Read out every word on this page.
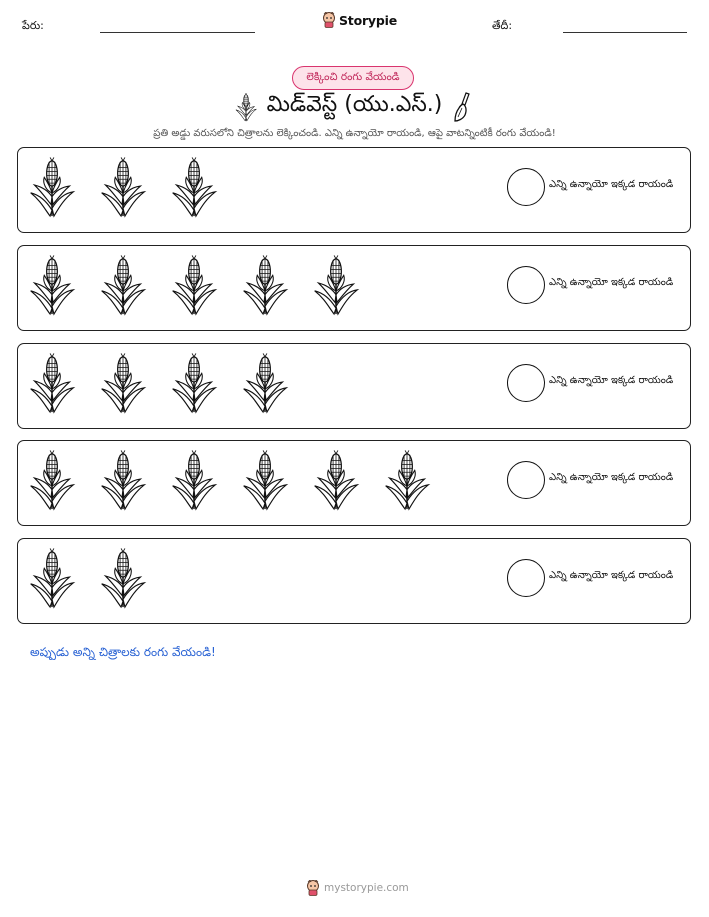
పేరు:	Storypie	తేదీ:
లెక్కించి రంగు వేయండి
మిడ్‌వెస్ట్ (యు.ఎస్.)
ప్రతి అడ్డు వరుసలోని చిత్రాలను లెక్కించండి. ఎన్ని ఉన్నాయో రాయండి, ఆపై వాటన్నింటికీ రంగు వేయండి!
ఎన్ని ఉన్నాయో ఇక్కడ రాయండి
ఎన్ని ఉన్నాయో ఇక్కడ రాయండి
ఎన్ని ఉన్నాయో ఇక్కడ రాయండి
ఎన్ని ఉన్నాయో ఇక్కడ రాయండి
ఎన్ని ఉన్నాయో ఇక్కడ రాయండి
అప్పుడు అన్ని చిత్రాలకు రంగు వేయండి!
mystorypie.com
